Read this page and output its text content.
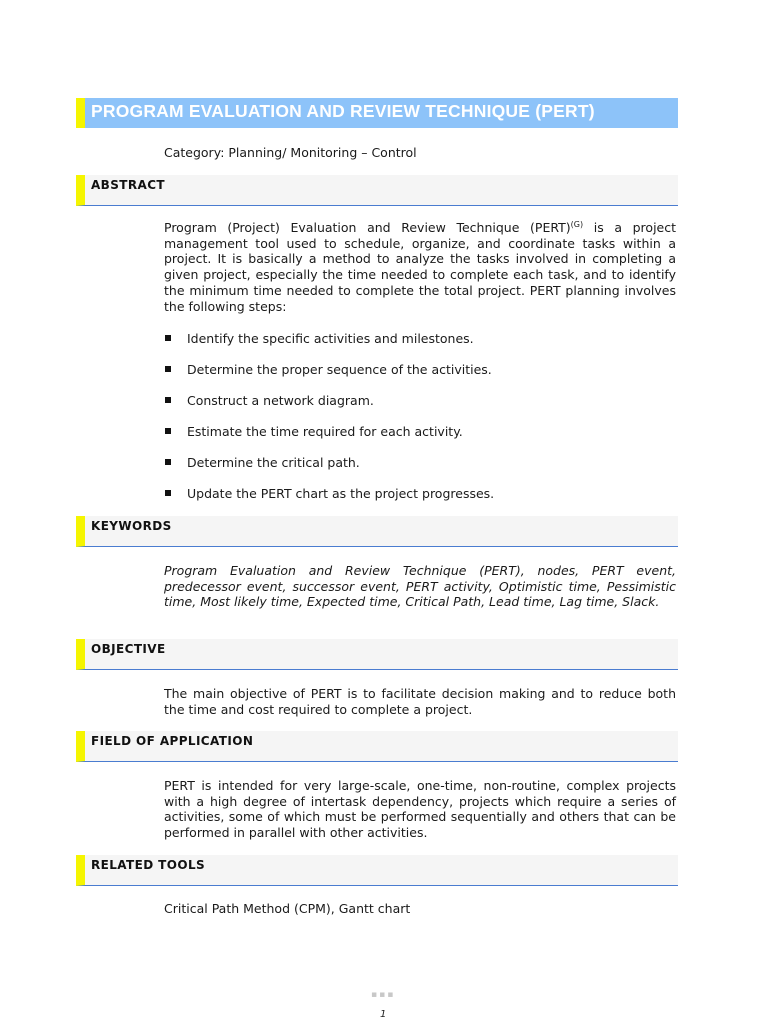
PROGRAM EVALUATION AND REVIEW TECHNIQUE (PERT)
Category: Planning/ Monitoring – Control
ABSTRACT

Program (Project) Evaluation and Review Technique (PERT)$^{(G)}$ is a project management tool used to schedule, organize, and coordinate tasks within a project. It is basically a method to analyze the tasks involved in completing a given project, especially the time needed to complete each task, and to identify the minimum time needed to complete the total project. PERT planning involves the following steps:

Identify the specific activities and milestones.
Determine the proper sequence of the activities.
Construct a network diagram.
Estimate the time required for each activity.
Determine the critical path.
Update the PERT chart as the project progresses.
KEYWORDS

Program Evaluation and Review Technique (PERT), nodes, PERT event, predecessor event, successor event, PERT activity, Optimistic time, Pessimistic time, Most likely time, Expected time, Critical Path, Lead time, Lag time, Slack.

OBJECTIVE

The main objective of PERT is to facilitate decision making and to reduce both the time and cost required to complete a project.

FIELD OF APPLICATION

PERT is intended for very large-scale, one-time, non-routine, complex projects with a high degree of intertask dependency, projects which require a series of activities, some of which must be performed sequentially and others that can be performed in parallel with other activities.

RELATED TOOLS

Critical Path Method (CPM), Gantt chart

▪▪▪
1
